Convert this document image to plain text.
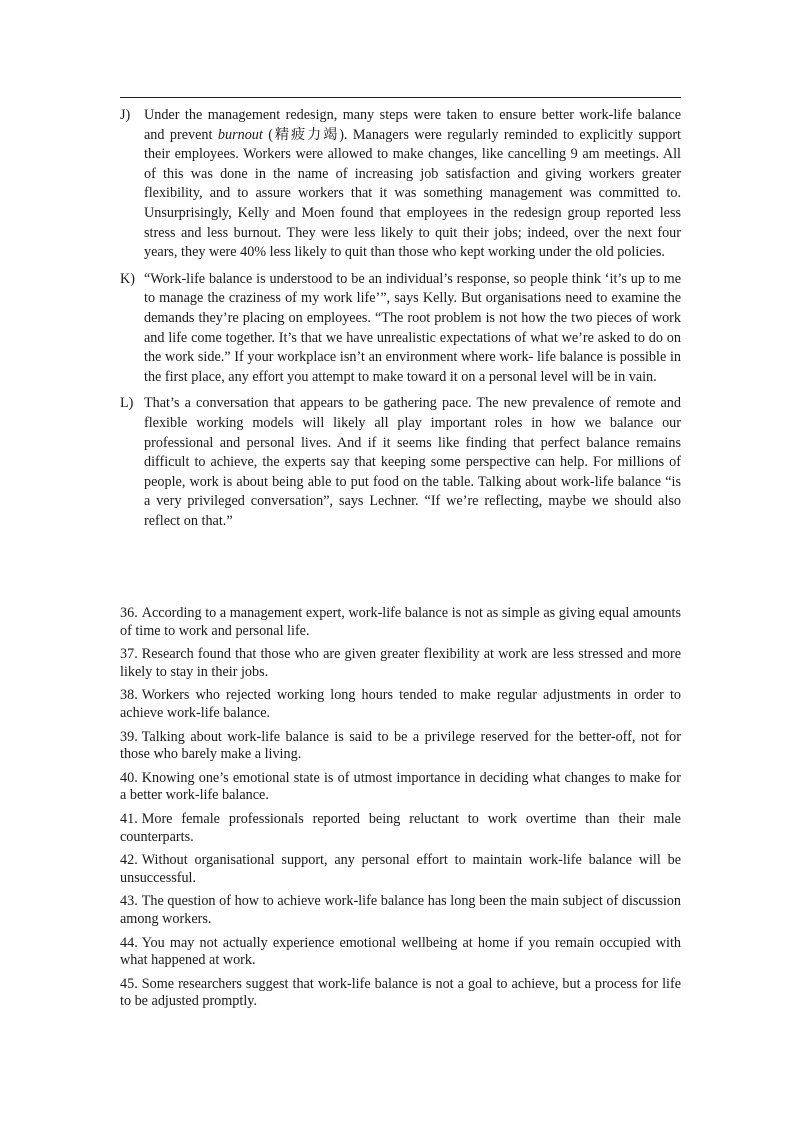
J) Under the management redesign, many steps were taken to ensure better work-life balance and prevent burnout (精疲力竭). Managers were regularly reminded to explicitly support their employees. Workers were allowed to make changes, like cancelling 9 am meetings. All of this was done in the name of increasing job satisfaction and giving workers greater flexibility, and to assure workers that it was something management was committed to. Unsurprisingly, Kelly and Moen found that employees in the redesign group reported less stress and less burnout. They were less likely to quit their jobs; indeed, over the next four years, they were 40% less likely to quit than those who kept working under the old policies.
K) “Work-life balance is understood to be an individual’s response, so people think ‘it’s up to me to manage the craziness of my work life’”, says Kelly. But organisations need to examine the demands they’re placing on employees. “The root problem is not how the two pieces of work and life come together. It’s that we have unrealistic expectations of what we’re asked to do on the work side.” If your workplace isn’t an environment where work- life balance is possible in the first place, any effort you attempt to make toward it on a personal level will be in vain.
L) That’s a conversation that appears to be gathering pace. The new prevalence of remote and flexible working models will likely all play important roles in how we balance our professional and personal lives. And if it seems like finding that perfect balance remains difficult to achieve, the experts say that keeping some perspective can help. For millions of people, work is about being able to put food on the table. Talking about work-life balance “is a very privileged conversation”, says Lechner. “If we’re reflecting, maybe we should also reflect on that.”
36. According to a management expert, work-life balance is not as simple as giving equal amounts of time to work and personal life.
37. Research found that those who are given greater flexibility at work are less stressed and more likely to stay in their jobs.
38. Workers who rejected working long hours tended to make regular adjustments in order to achieve work-life balance.
39. Talking about work-life balance is said to be a privilege reserved for the better-off, not for those who barely make a living.
40. Knowing one’s emotional state is of utmost importance in deciding what changes to make for a better work-life balance.
41. More female professionals reported being reluctant to work overtime than their male counterparts.
42. Without organisational support, any personal effort to maintain work-life balance will be unsuccessful.
43. The question of how to achieve work-life balance has long been the main subject of discussion among workers.
44. You may not actually experience emotional wellbeing at home if you remain occupied with what happened at work.
45. Some researchers suggest that work-life balance is not a goal to achieve, but a process for life to be adjusted promptly.
